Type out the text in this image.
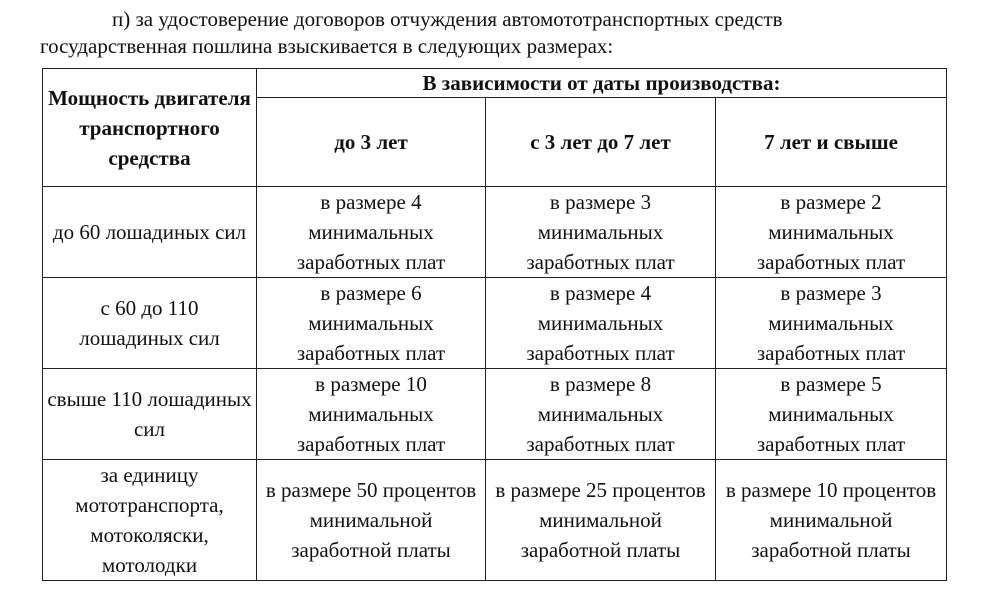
п) за удостоверение договоров отчуждения автомототранспортных средств

государственная пошлина взыскивается в следующих размерах:

Мощность двигателя транспортного средства	В зависимости от даты производства:		
	до 3 лет	с 3 лет до 7 лет	7 лет и свыше
до 60 лошадиных сил	в размере 4 минимальных заработных плат	в размере 3 минимальных заработных плат	в размере 2 минимальных заработных плат
с 60 до 110 лошадиных сил	в размере 6 минимальных заработных плат	в размере 4 минимальных заработных плат	в размере 3 минимальных заработных плат
свыше 110 лошадиных сил	в размере 10 минимальных заработных плат	в размере 8 минимальных заработных плат	в размере 5 минимальных заработных плат
за единицу мототранспорта, мотоколяски, мотолодки	в размере 50 процентов минимальной заработной платы	в размере 25 процентов минимальной заработной платы	в размере 10 процентов минимальной заработной платы
